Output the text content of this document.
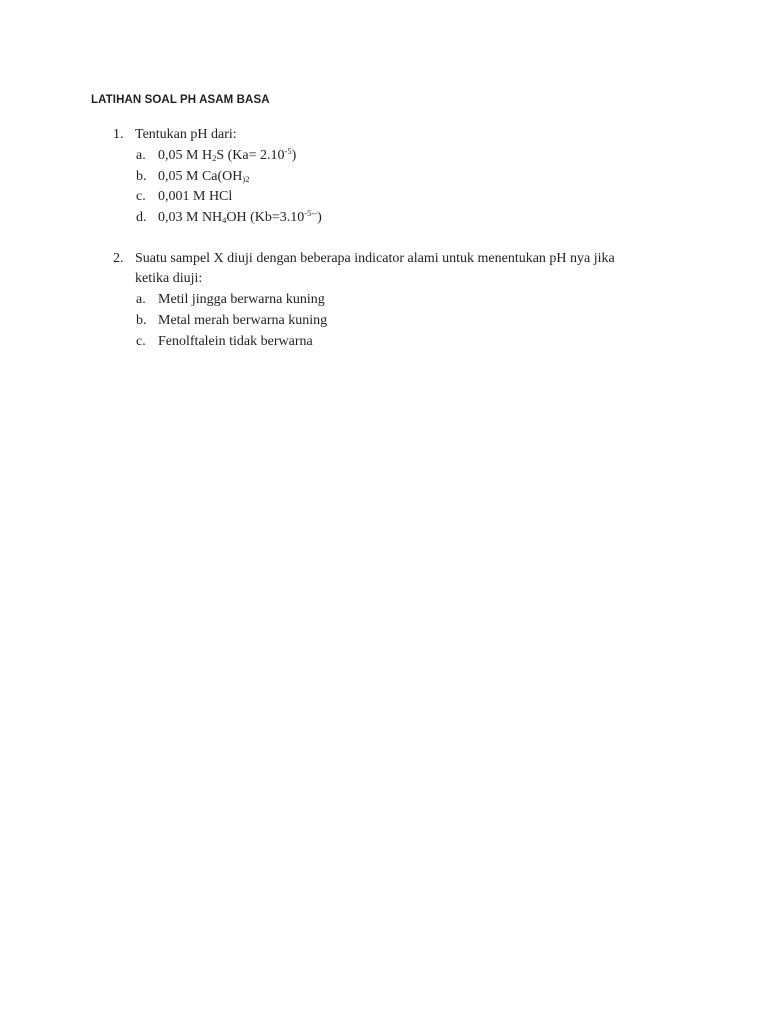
LATIHAN SOAL PH ASAM BASA
1. Tentukan pH dari:
a. 0,05 M $H_2S$ $(Ka= 2.10^{-5})$
b. 0,05 M $Ca(OH_{)2}$
c. 0,001 M HCl
d. 0,03 M $NH_4OH$ $(Kb=3.10^{-5--})$
2. Suatu sampel X diuji dengan beberapa indicator alami untuk menentukan pH nya jika
ketika diuji:
a. Metil jingga berwarna kuning
b. Metal merah berwarna kuning
c. Fenolftalein tidak berwarna
